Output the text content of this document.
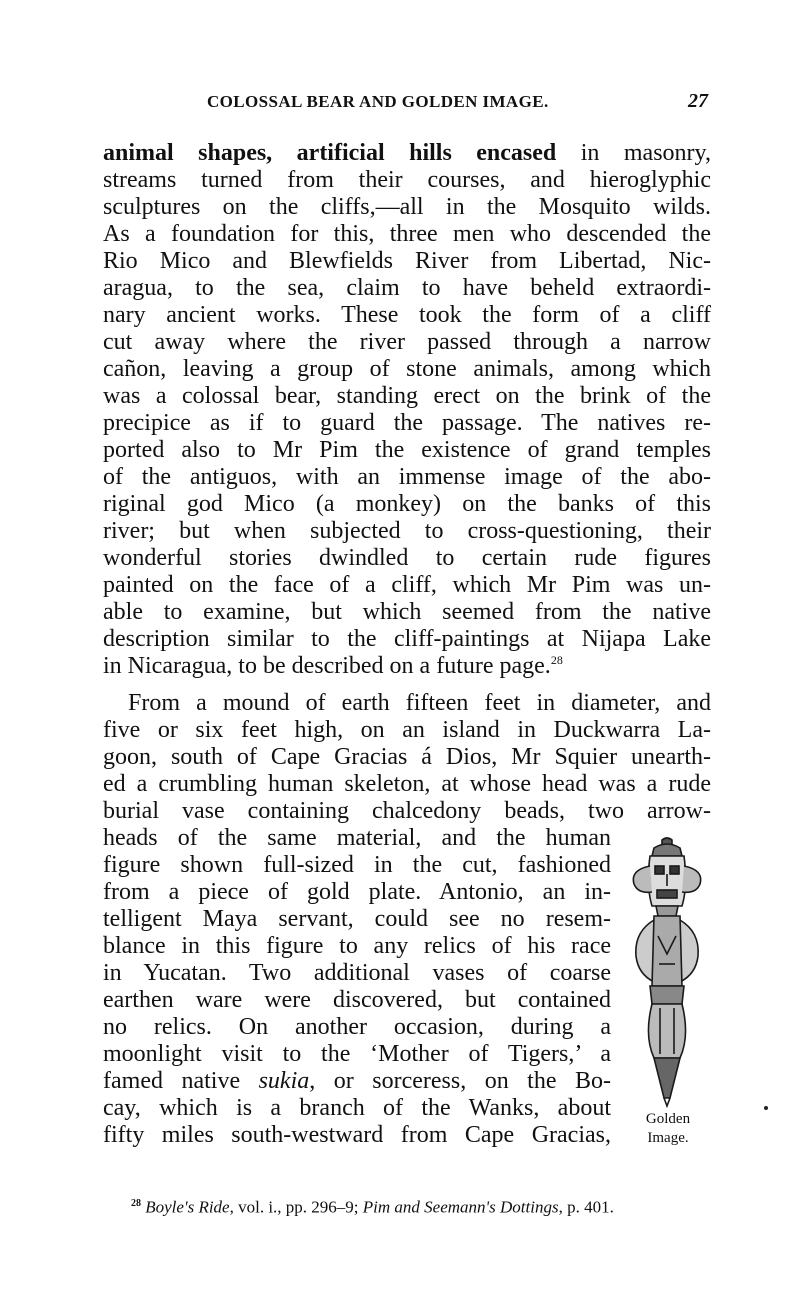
COLOSSAL BEAR AND GOLDEN IMAGE.	27
animal shapes, artificial hills encased in masonry,
streams turned from their courses, and hieroglyphic
sculptures on the cliffs,—all in the Mosquito wilds.
As a foundation for this, three men who descended the
Rio Mico and Blewfields River from Libertad, Nic-
aragua, to the sea, claim to have beheld extraordi-
nary ancient works. These took the form of a cliff
cut away where the river passed through a narrow
cañon, leaving a group of stone animals, among which
was a colossal bear, standing erect on the brink of the
precipice as if to guard the passage. The natives re-
ported also to Mr Pim the existence of grand temples
of the antiguos, with an immense image of the abo-
riginal god Mico (a monkey) on the banks of this
river; but when subjected to cross-questioning, their
wonderful stories dwindled to certain rude figures
painted on the face of a cliff, which Mr Pim was un-
able to examine, but which seemed from the native
description similar to the cliff-paintings at Nijapa Lake
in Nicaragua, to be described on a future page.$^{28}$
From a mound of earth fifteen feet in diameter, and
five or six feet high, on an island in Duckwarra La-
goon, south of Cape Gracias á Dios, Mr Squier unearth-
ed a crumbling human skeleton, at whose head was a rude
burial vase containing chalcedony beads, two arrow-
heads of the same material, and the human
figure shown full-sized in the cut, fashioned
from a piece of gold plate. Antonio, an in-
telligent Maya servant, could see no resem-
blance in this figure to any relics of his race
in Yucatan. Two additional vases of coarse
earthen ware were discovered, but contained
no relics. On another occasion, during a
moonlight visit to the ‘Mother of Tigers,’ a
famed native sukia, or sorceress, on the Bo-
cay, which is a branch of the Wanks, about
fifty miles south-westward from Cape Gracias,
Golden
Image.
$^{28}$ Boyle's Ride, vol. i., pp. 296–9; Pim and Seemann's Dottings, p. 401.
